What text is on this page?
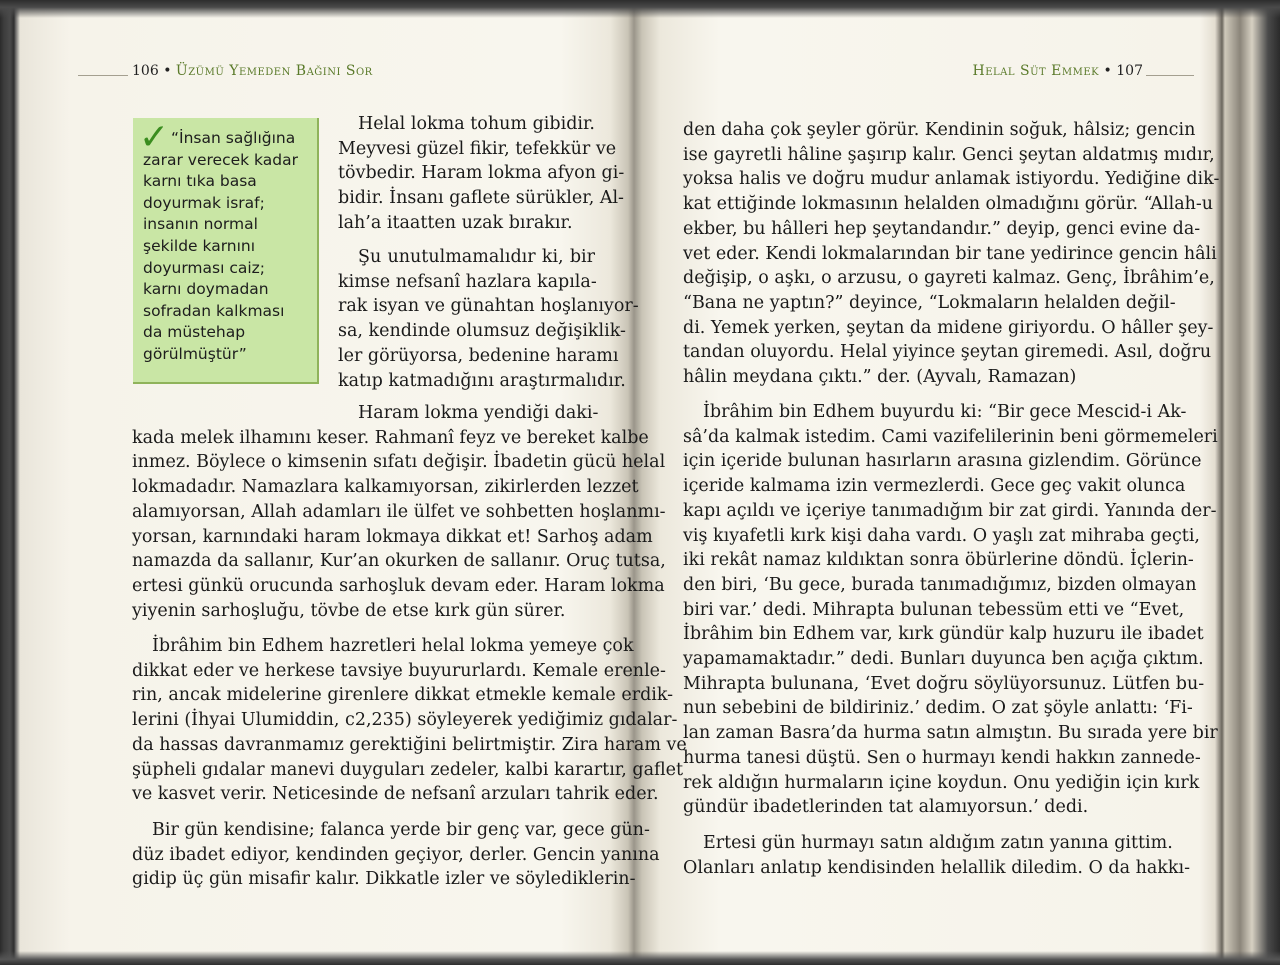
106 • Üzümü Yemeden Bağını Sor	Helal Süt Emmek • 107
✓ “İnsan sağlığına
zarar verecek kadar
karnı tıka basa
doyurmak israf;
insanın normal
şekilde karnını
doyurması caiz;
karnı doymadan
sofradan kalkması
da müstehap
görülmüştür”
Helal lokma tohum gibidir.
Meyvesi güzel fikir, tefekkür ve
tövbedir. Haram lokma afyon gi-
bidir. İnsanı gaflete sürükler, Al-
lah’a itaatten uzak bırakır.
Şu unutulmamalıdır ki, bir
kimse nefsanî hazlara kapıla-
rak isyan ve günahtan hoşlanıyor-
sa, kendinde olumsuz değişiklik-
ler görüyorsa, bedenine haramı
katıp katmadığını araştırmalıdır.
Haram lokma yendiği daki-
kada melek ilhamını keser. Rahmanî feyz ve bereket kalbe
inmez. Böylece o kimsenin sıfatı değişir. İbadetin gücü helal
lokmadadır. Namazlara kalkamıyorsan, zikirlerden lezzet
alamıyorsan, Allah adamları ile ülfet ve sohbetten hoşlanmı-
yorsan, karnındaki haram lokmaya dikkat et! Sarhoş adam
namazda da sallanır, Kur’an okurken de sallanır. Oruç tutsa,
ertesi günkü orucunda sarhoşluk devam eder. Haram lokma
yiyenin sarhoşluğu, tövbe de etse kırk gün sürer.
İbrâhim bin Edhem hazretleri helal lokma yemeye çok
dikkat eder ve herkese tavsiye buyururlardı. Kemale erenle-
rin, ancak midelerine girenlere dikkat etmekle kemale erdik-
lerini (İhyai Ulumiddin, c2,235) söyleyerek yediğimiz gıdalar-
da hassas davranmamız gerektiğini belirtmiştir. Zira haram ve
şüpheli gıdalar manevi duyguları zedeler, kalbi karartır, gaflet
ve kasvet verir. Neticesinde de nefsanî arzuları tahrik eder.
Bir gün kendisine; falanca yerde bir genç var, gece gün-
düz ibadet ediyor, kendinden geçiyor, derler. Gencin yanına
gidip üç gün misafir kalır. Dikkatle izler ve söylediklerin-
den daha çok şeyler görür. Kendinin soğuk, hâlsiz; gencin
ise gayretli hâline şaşırıp kalır. Genci şeytan aldatmış mıdır,
yoksa halis ve doğru mudur anlamak istiyordu. Yediğine dik-
kat ettiğinde lokmasının helalden olmadığını görür. “Allah-u
ekber, bu hâlleri hep şeytandandır.” deyip, genci evine da-
vet eder. Kendi lokmalarından bir tane yedirince gencin hâli
değişip, o aşkı, o arzusu, o gayreti kalmaz. Genç, İbrâhim’e,
“Bana ne yaptın?” deyince, “Lokmaların helalden değil-
di. Yemek yerken, şeytan da midene giriyordu. O hâller şey-
tandan oluyordu. Helal yiyince şeytan giremedi. Asıl, doğru
hâlin meydana çıktı.” der. (Ayvalı, Ramazan)
İbrâhim bin Edhem buyurdu ki: “Bir gece Mescid-i Ak-
sâ’da kalmak istedim. Cami vazifelilerinin beni görmemeleri
için içeride bulunan hasırların arasına gizlendim. Görünce
içeride kalmama izin vermezlerdi. Gece geç vakit olunca
kapı açıldı ve içeriye tanımadığım bir zat girdi. Yanında der-
viş kıyafetli kırk kişi daha vardı. O yaşlı zat mihraba geçti,
iki rekât namaz kıldıktan sonra öbürlerine döndü. İçlerin-
den biri, ‘Bu gece, burada tanımadığımız, bizden olmayan
biri var.’ dedi. Mihrapta bulunan tebessüm etti ve “Evet,
İbrâhim bin Edhem var, kırk gündür kalp huzuru ile ibadet
yapamamaktadır.” dedi. Bunları duyunca ben açığa çıktım.
Mihrapta bulunana, ‘Evet doğru söylüyorsunuz. Lütfen bu-
nun sebebini de bildiriniz.’ dedim. O zat şöyle anlattı: ‘Fi-
lan zaman Basra’da hurma satın almıştın. Bu sırada yere bir
hurma tanesi düştü. Sen o hurmayı kendi hakkın zannede-
rek aldığın hurmaların içine koydun. Onu yediğin için kırk
gündür ibadetlerinden tat alamıyorsun.’ dedi.
Ertesi gün hurmayı satın aldığım zatın yanına gittim.
Olanları anlatıp kendisinden helallik diledim. O da hakkı-
